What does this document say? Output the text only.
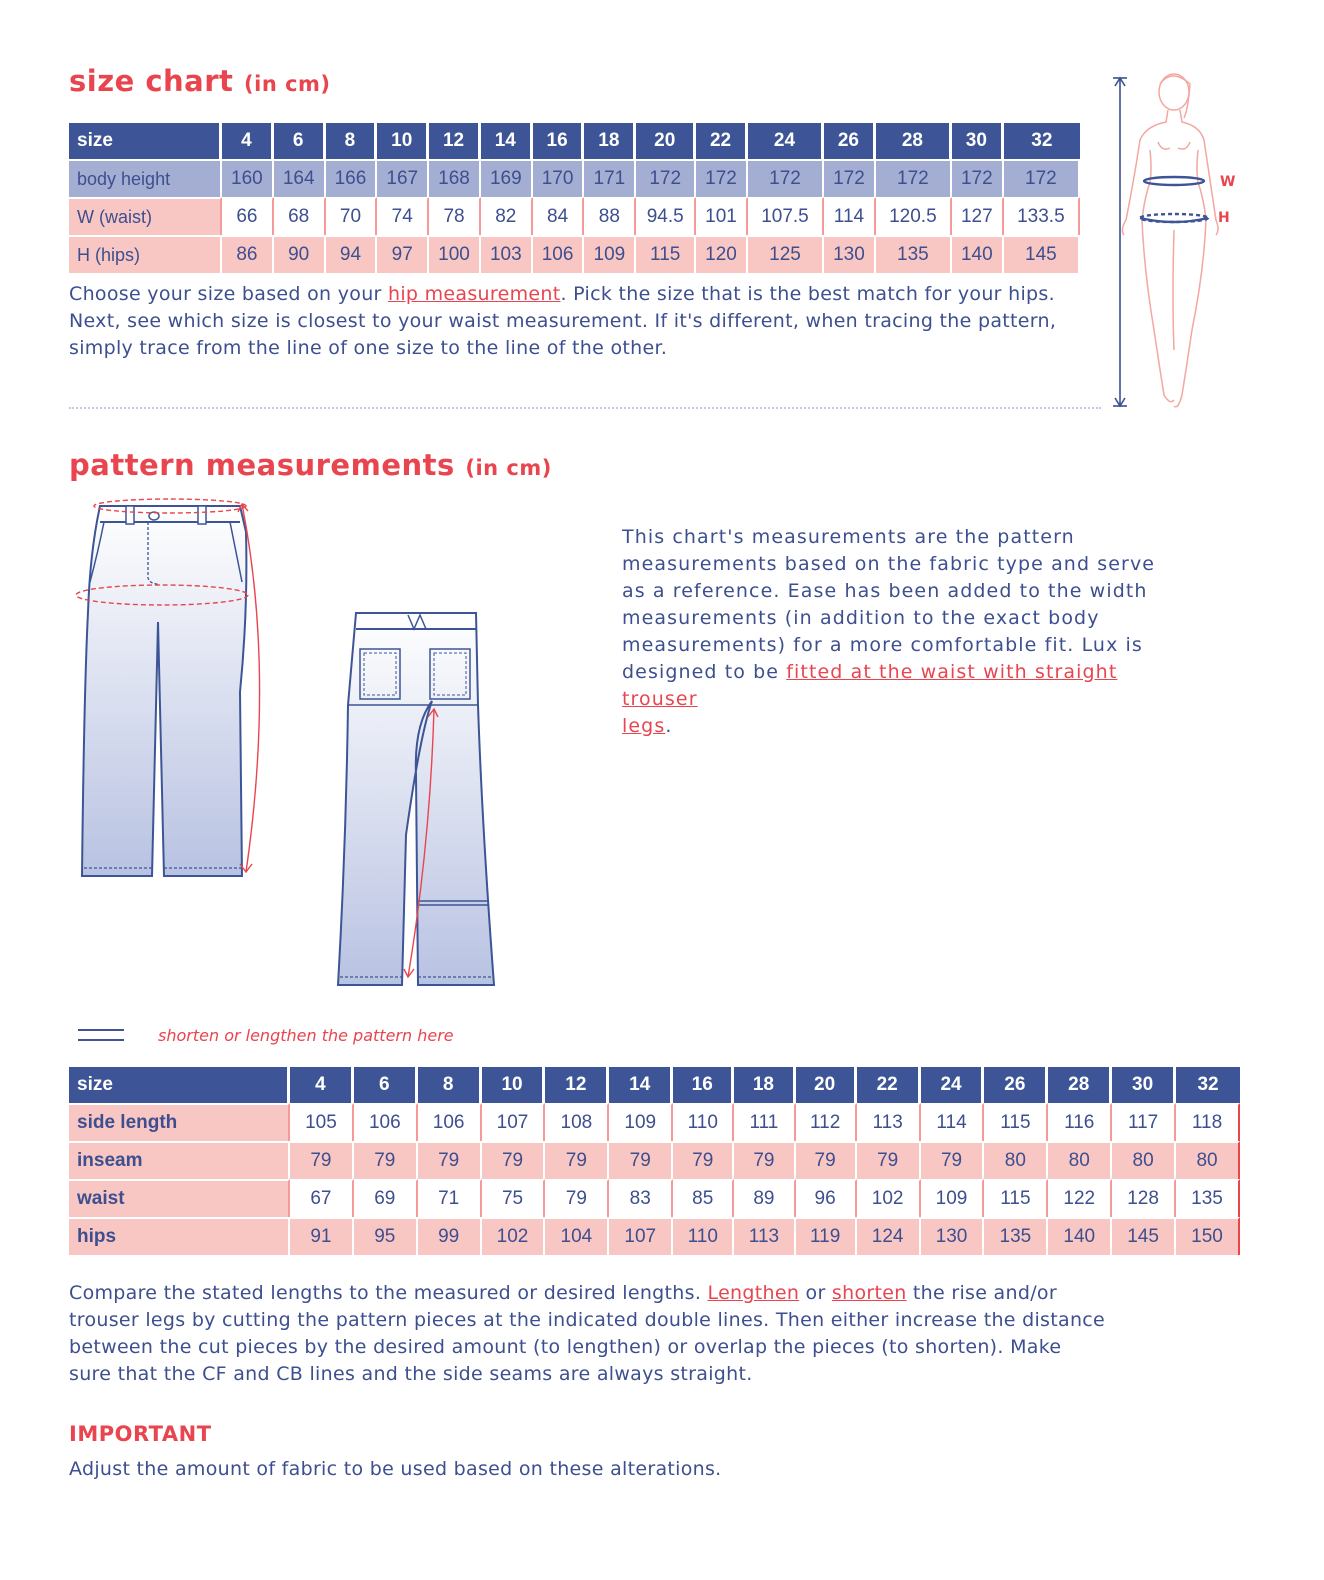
size chart (in cm)
size	4	6	8	10	12	14	16	18	20	22	24	26	28	30	32
body height	160	164	166	167	168	169	170	171	172	172	172	172	172	172	172
W (waist)	66	68	70	74	78	82	84	88	94.5	101	107.5	114	120.5	127	133.5
H (hips)	86	90	94	97	100	103	106	109	115	120	125	130	135	140	145
Choose your size based on your hip measurement. Pick the size that is the best match for your hips.
Next, see which size is closest to your waist measurement. If it's different, when tracing the pattern,
simply trace from the line of one size to the line of the other.
W
H
pattern measurements (in cm)
This chart's measurements are the pattern
measurements based on the fabric type and serve
as a reference. Ease has been added to the width
measurements (in addition to the exact body
measurements) for a more comfortable fit. Lux is
designed to be fitted at the waist with straight trouser
legs.
shorten or lengthen the pattern here
size	4	6	8	10	12	14	16	18	20	22	24	26	28	30	32
side length	105	106	106	107	108	109	110	111	112	113	114	115	116	117	118
inseam	79	79	79	79	79	79	79	79	79	79	79	80	80	80	80
waist	67	69	71	75	79	83	85	89	96	102	109	115	122	128	135
hips	91	95	99	102	104	107	110	113	119	124	130	135	140	145	150
Compare the stated lengths to the measured or desired lengths. Lengthen or shorten the rise and/or
trouser legs by cutting the pattern pieces at the indicated double lines. Then either increase the distance
between the cut pieces by the desired amount (to lengthen) or overlap the pieces (to shorten). Make
sure that the CF and CB lines and the side seams are always straight.
IMPORTANT
Adjust the amount of fabric to be used based on these alterations.
